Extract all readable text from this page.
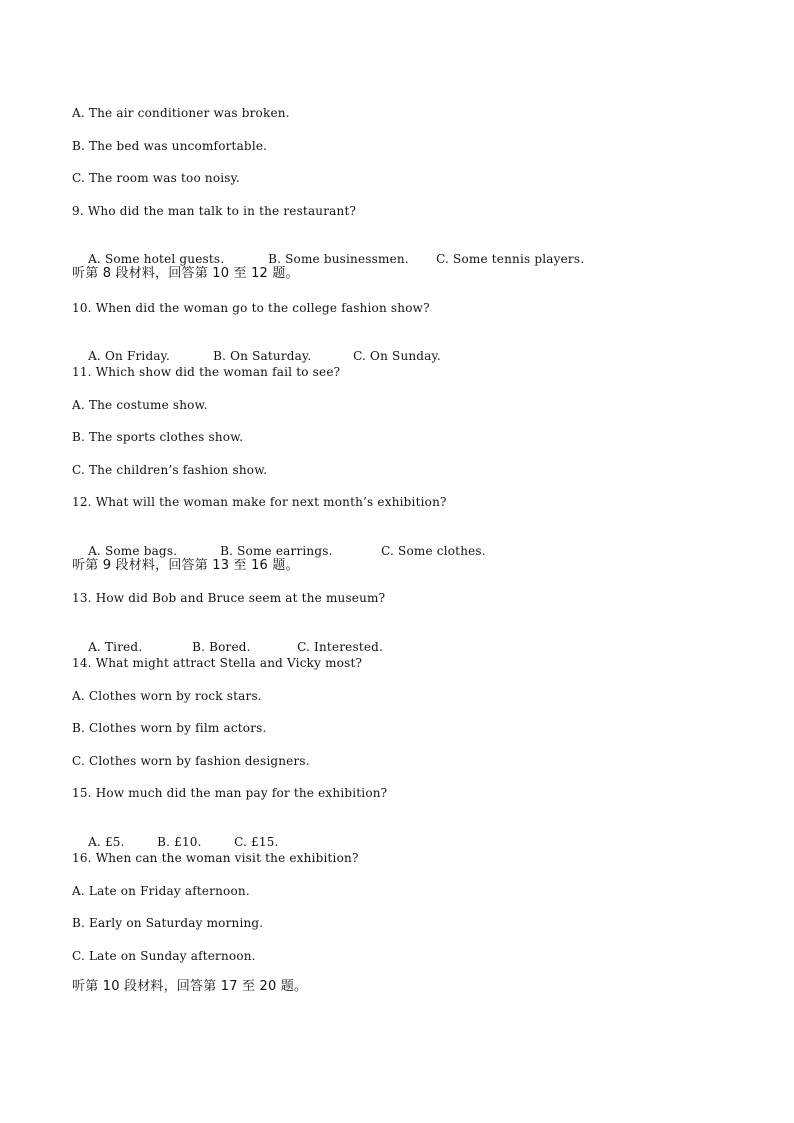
A. The air conditioner was broken.
B. The bed was uncomfortable.
C. The room was too noisy.
9. Who did the man talk to in the restaurant?

A. Some hotel guests.	B. Some businessmen. C. Some tennis players.

听第 8 段材料，回答第 10 至 12 题。
10. When did the woman go to the college fashion show?

A. On Friday.	B. On Saturday.	C. On Sunday.

11. Which show did the woman fail to see?
A. The costume show.
B. The sports clothes show.
C. The children’s fashion show.
12. What will the woman make for next month’s exhibition?

A. Some bags.	B. Some earrings.	C. Some clothes.

听第 9 段材料，回答第 13 至 16 题。
13. How did Bob and Bruce seem at the museum?

A. Tired.	B. Bored.	C. Interested.

14. What might attract Stella and Vicky most?
A. Clothes worn by rock stars.
B. Clothes worn by film actors.
C. Clothes worn by fashion designers.
15. How much did the man pay for the exhibition?

A. £5.	B. £10.	C. £15.

16. When can the woman visit the exhibition?
A. Late on Friday afternoon.
B. Early on Saturday morning.
C. Late on Sunday afternoon.
听第 10 段材料，回答第 17 至 20 题。
